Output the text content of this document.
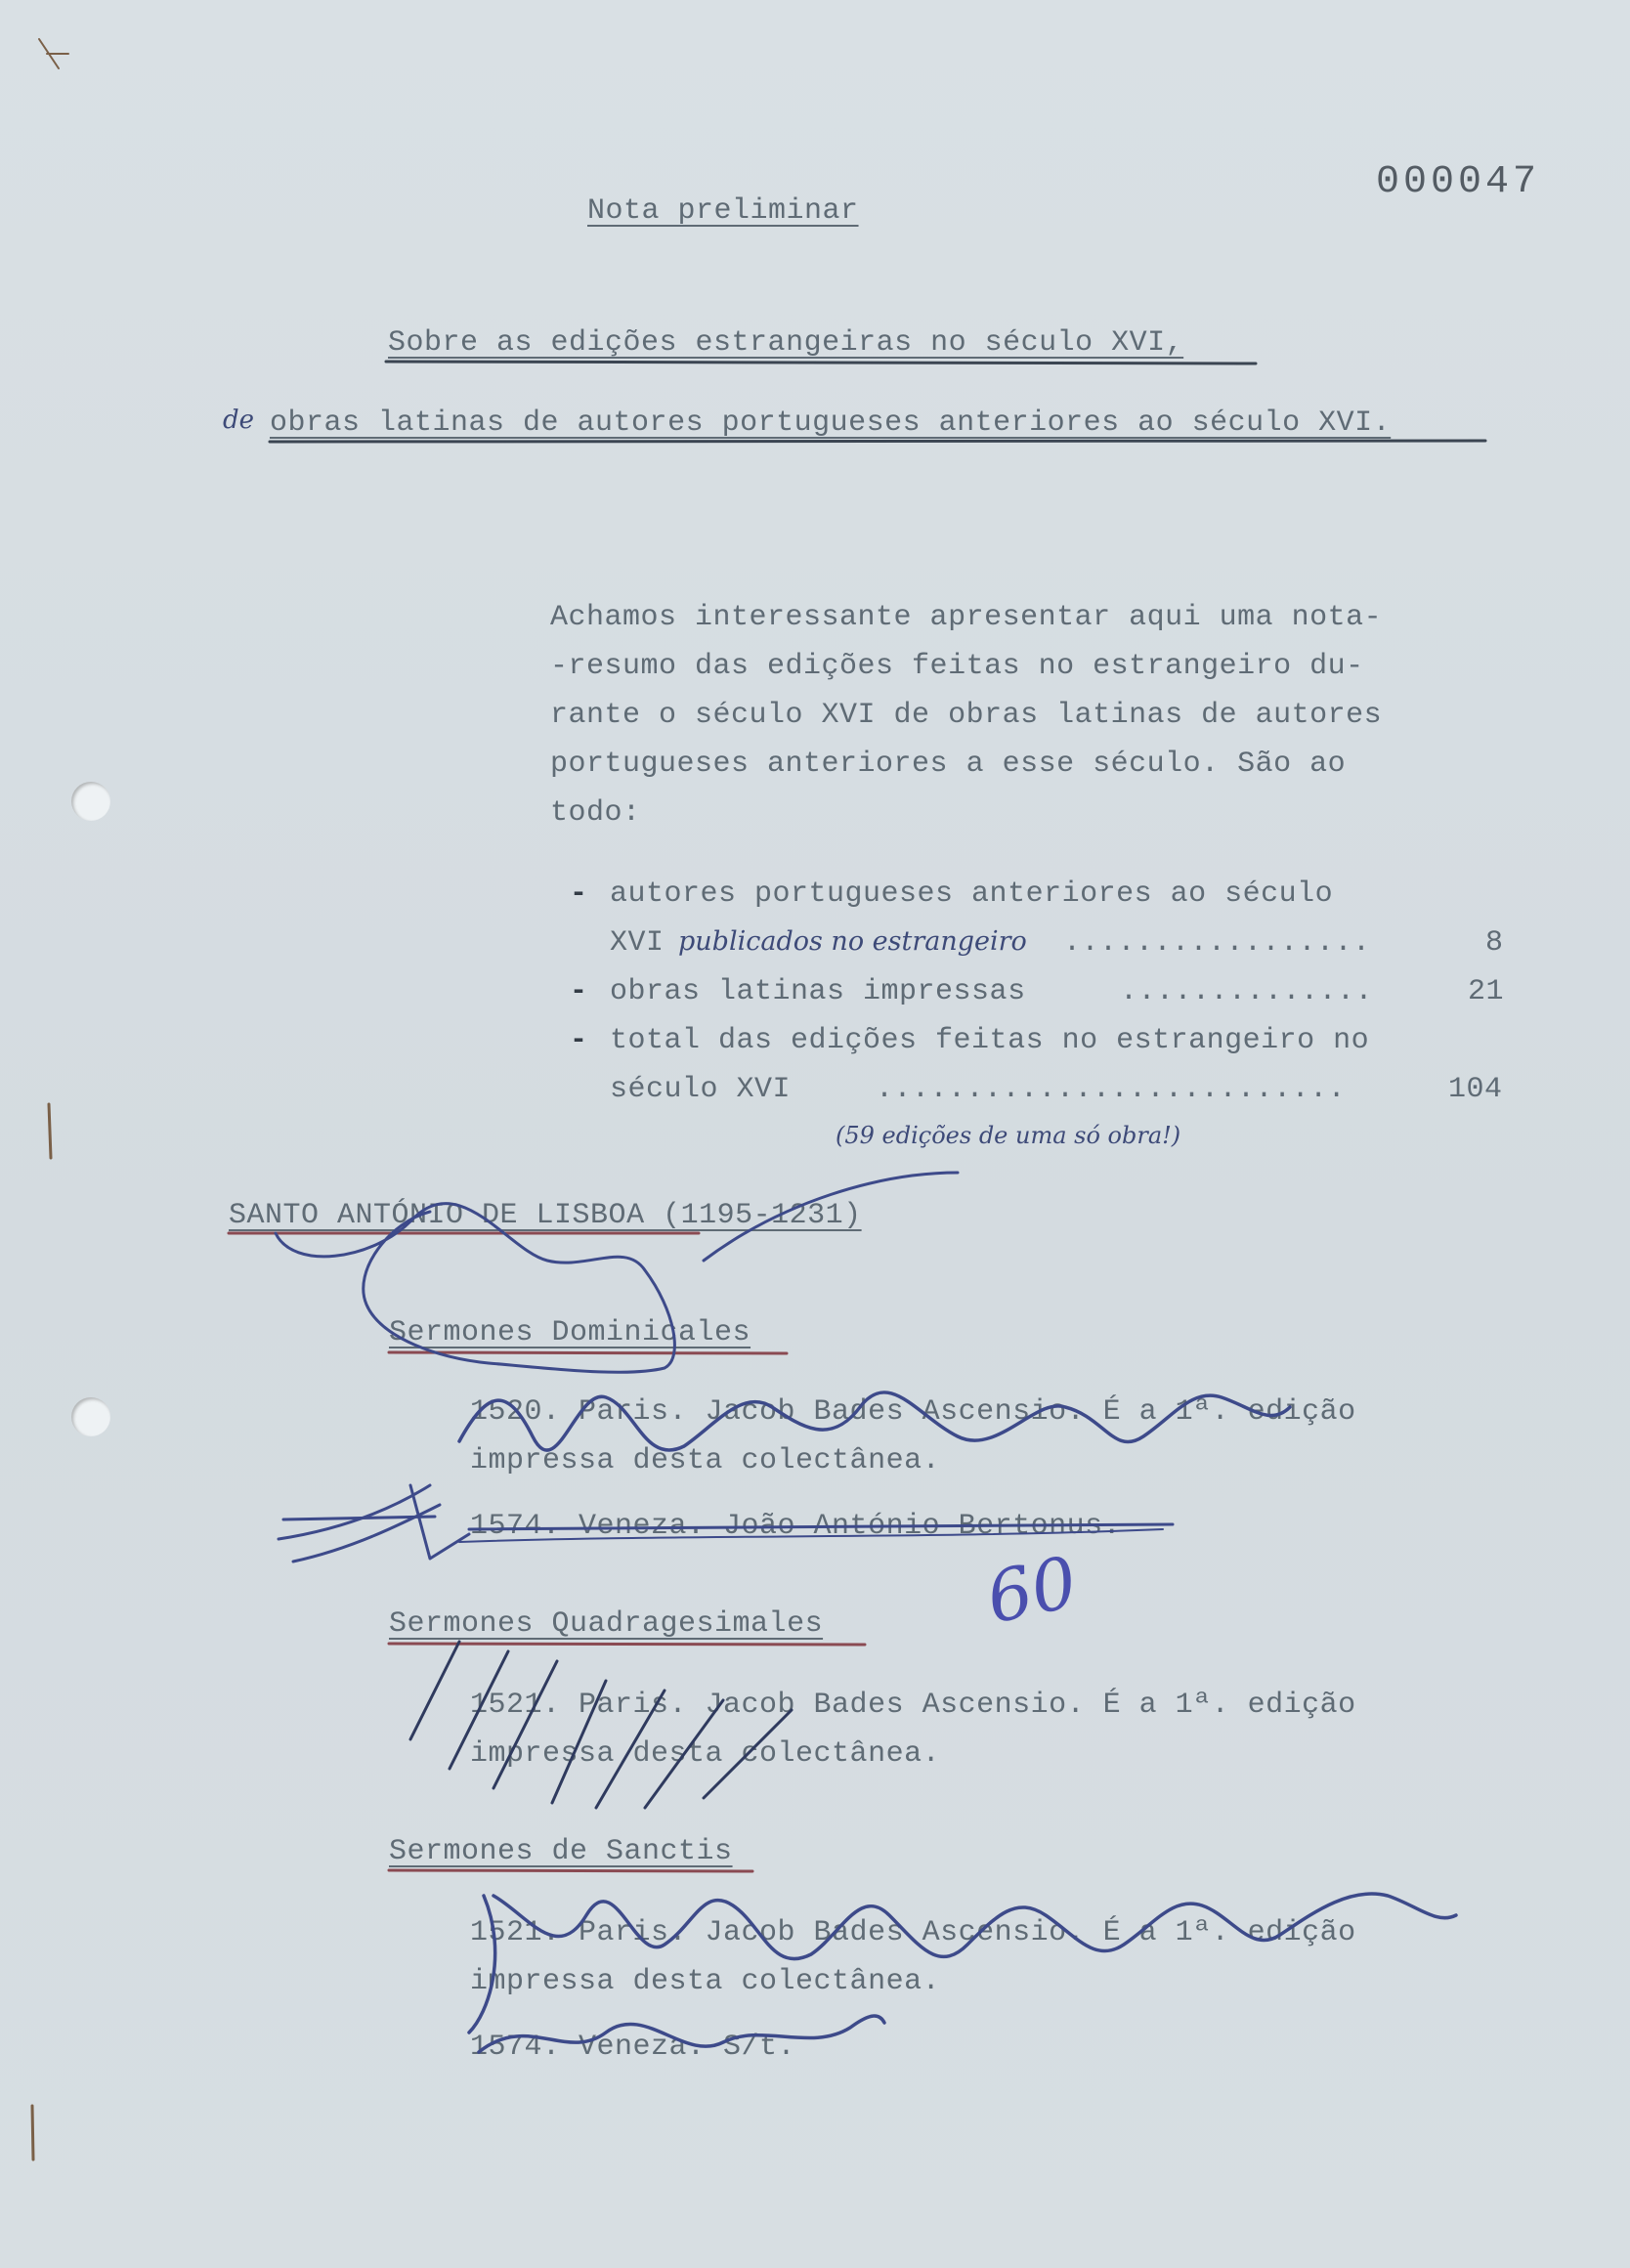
000047
Nota preliminar
Sobre as edições estrangeiras no século XVI,
de obras latinas de autores portugueses anteriores ao século XVI.
Achamos interessante apresentar aqui uma nota-
-resumo das edições feitas no estrangeiro du-
rante o século XVI de obras latinas de autores
portugueses anteriores a esse século. São ao
todo:
- autores portugueses anteriores ao século
XVI publicados no estrangeiro .................	8
- obras latinas impressas	..............	21
- total das edições feitas no estrangeiro no
século XVI	..........................	104
(59 edições de uma só obra!)
SANTO ANTÓNIO DE LISBOA (1195-1231)
Sermones Dominicales
1520. Paris. Jacob Bades Ascensio. É a 1ª. edição
impressa desta colectânea.
1574. Veneza. João António Bertonus.
Sermones Quadragesimales
1521. Paris. Jacob Bades Ascensio. É a 1ª. edição
impressa desta colectânea.
Sermones de Sanctis
1521. Paris. Jacob Bades Ascensio. É a 1ª. edição
impressa desta colectânea.
1574. Veneza. S/t.
60
